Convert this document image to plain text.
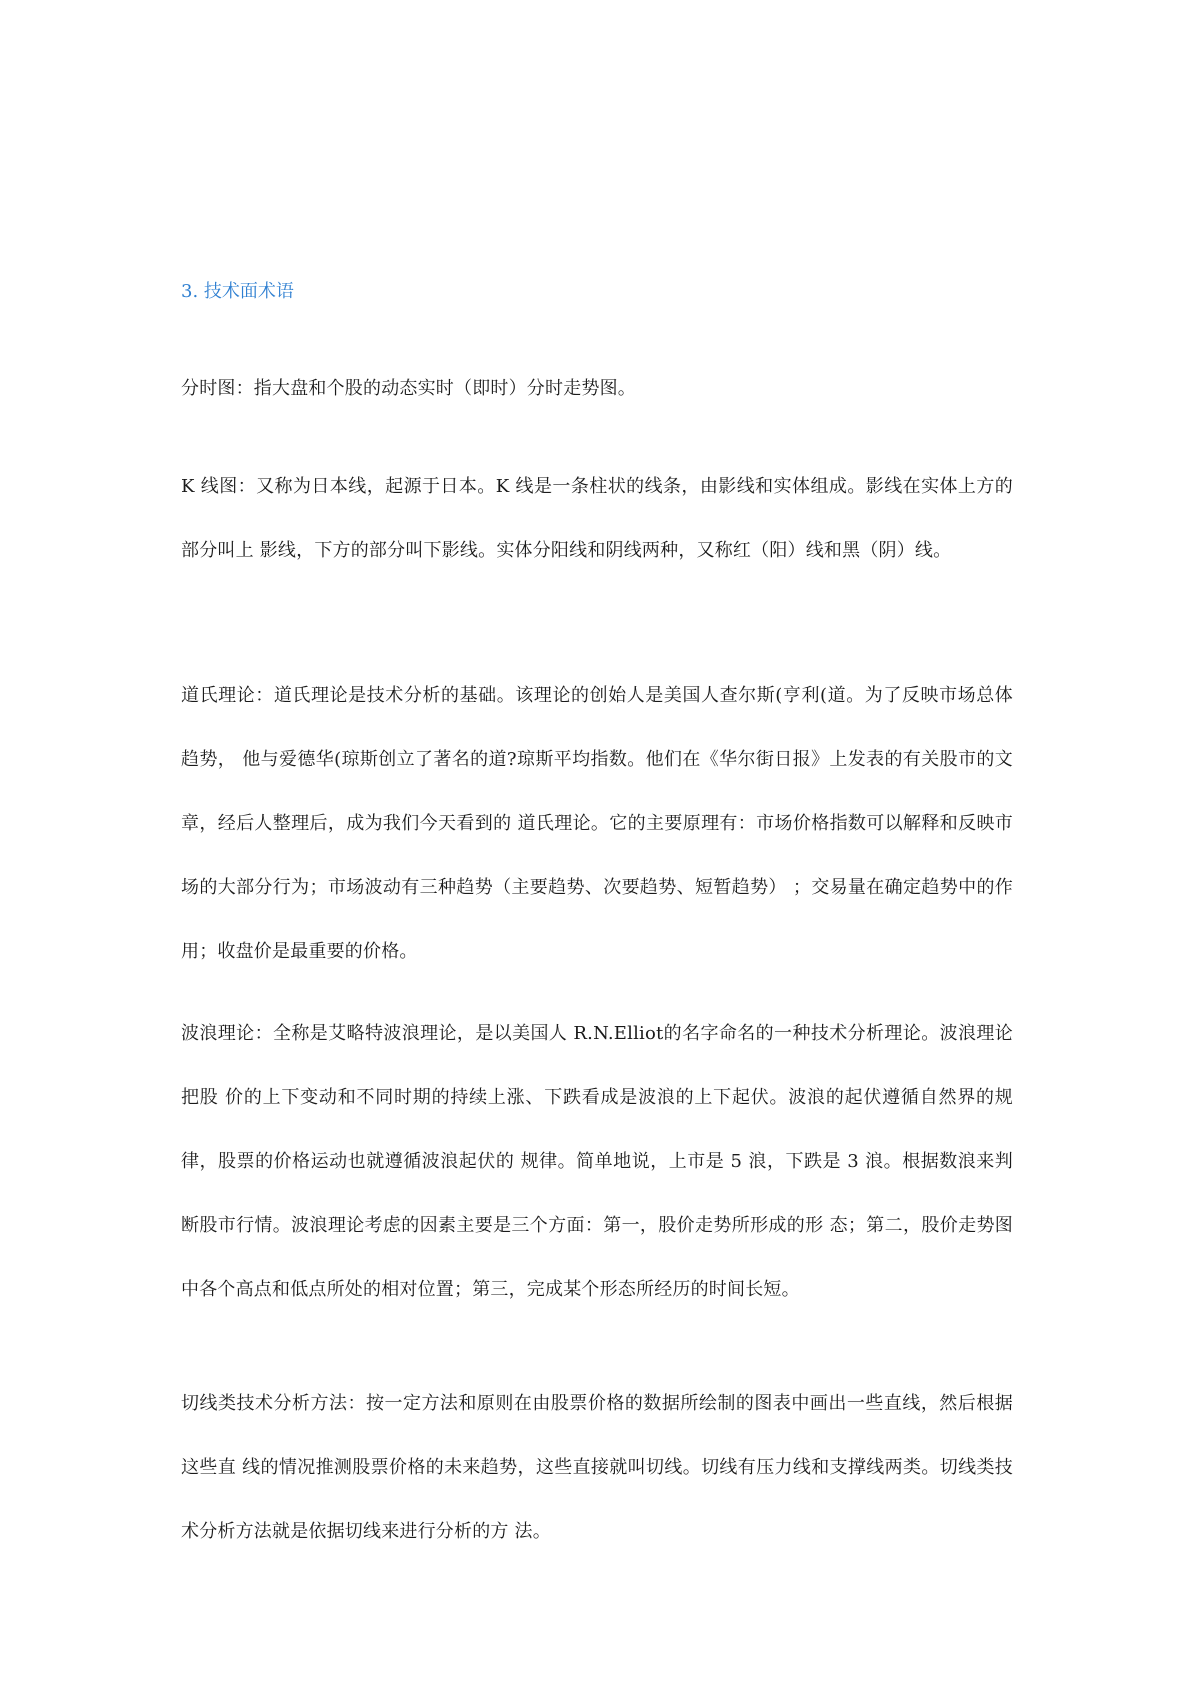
3. 技术面术语

分时图：指大盘和个股的动态实时（即时）分时走势图。

K 线图：又称为日本线，起源于日本。K 线是一条柱状的线条，由影线和实体组成。影线在实体上方的部分叫上 影线，下方的部分叫下影线。实体分阳线和阴线两种，又称红（阳）线和黑（阴）线。

道氏理论：道氏理论是技术分析的基础。该理论的创始人是美国人查尔斯(亨利(道。为了反映市场总体趋势， 他与爱德华(琼斯创立了著名的道?琼斯平均指数。他们在《华尔街日报》上发表的有关股市的文章，经后人整理后，成为我们今天看到的 道氏理论。它的主要原理有：市场价格指数可以解释和反映市场的大部分行为；市场波动有三种趋势（主要趋势、次要趋势、短暂趋势） ；交易量在确定趋势中的作用；收盘价是最重要的价格。

波浪理论：全称是艾略特波浪理论，是以美国人 R.N.Elliot的名字命名的一种技术分析理论。波浪理论把股 价的上下变动和不同时期的持续上涨、下跌看成是波浪的上下起伏。波浪的起伏遵循自然界的规律，股票的价格运动也就遵循波浪起伏的 规律。简单地说，上市是 5 浪，下跌是 3 浪。根据数浪来判断股市行情。波浪理论考虑的因素主要是三个方面：第一，股价走势所形成的形 态；第二，股价走势图中各个高点和低点所处的相对位置；第三，完成某个形态所经历的时间长短。

切线类技术分析方法：按一定方法和原则在由股票价格的数据所绘制的图表中画出一些直线，然后根据这些直 线的情况推测股票价格的未来趋势，这些直接就叫切线。切线有压力线和支撑线两类。切线类技术分析方法就是依据切线来进行分析的方 法。
